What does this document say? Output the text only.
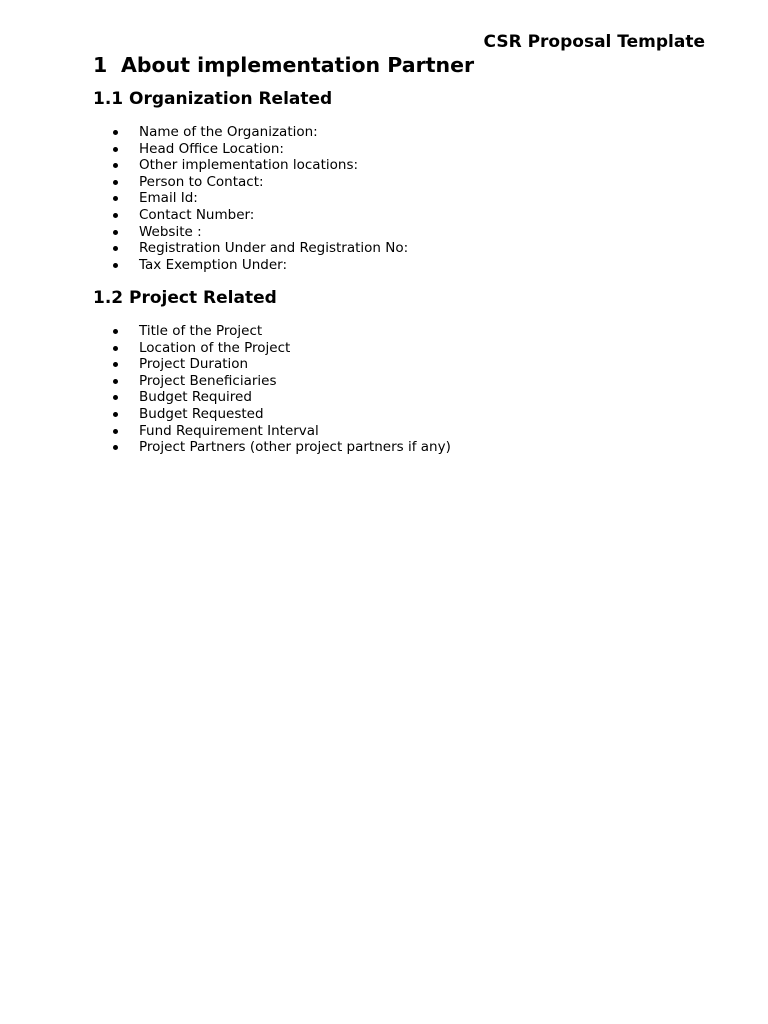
CSR Proposal Template
1 About implementation Partner
1.1 Organization Related
Name of the Organization:
Head Office Location:
Other implementation locations:
Person to Contact:
Email Id:
Contact Number:
Website :
Registration Under and Registration No:
Tax Exemption Under:
1.2 Project Related
Title of the Project
Location of the Project
Project Duration
Project Beneficiaries
Budget Required
Budget Requested
Fund Requirement Interval
Project Partners (other project partners if any)
